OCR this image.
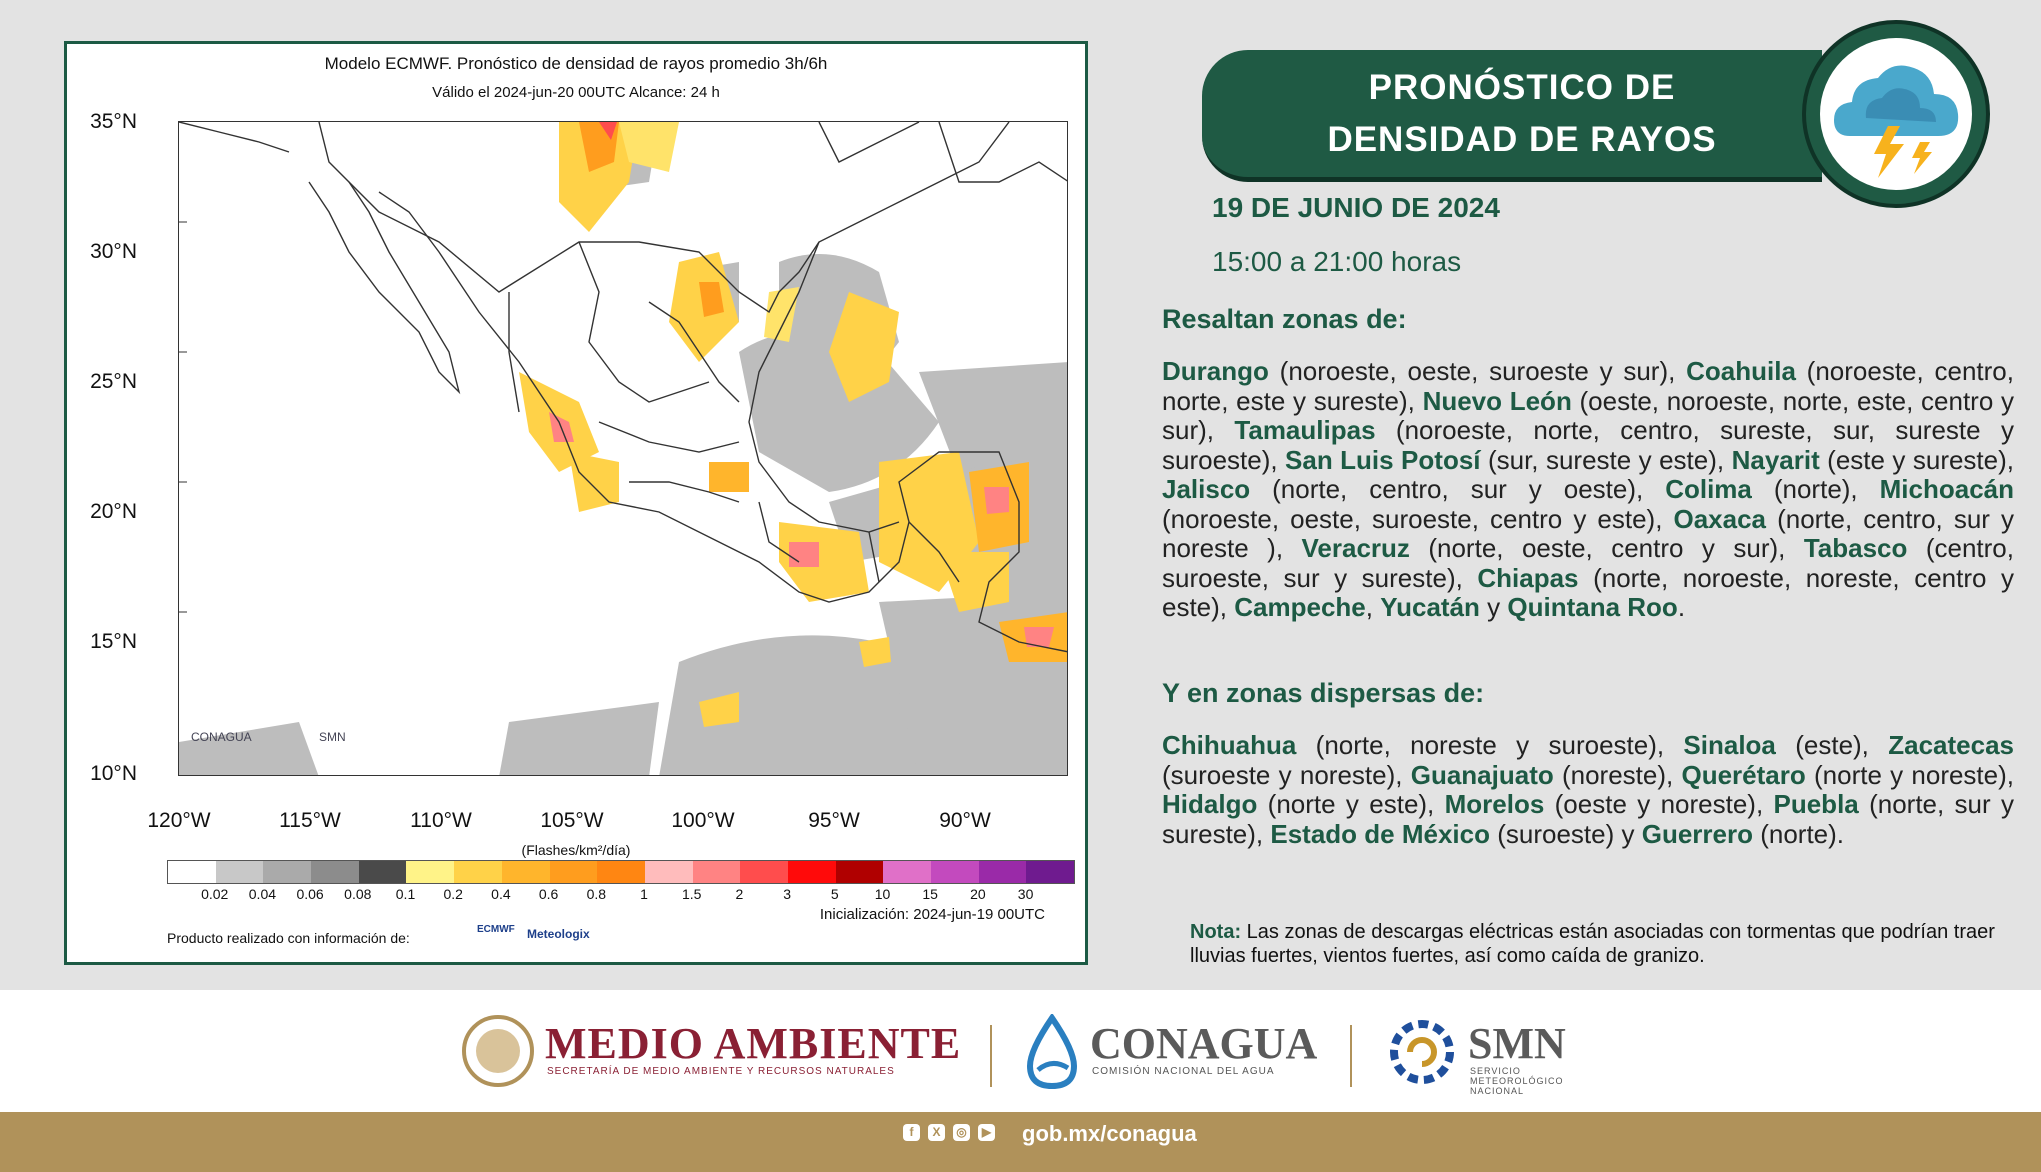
Modelo ECMWF. Pronóstico de densidad de rayos promedio 3h/6h
Válido el 2024-jun-20 00UTC Alcance: 24 h
CONAGUA	SMN
35°N
30°N
25°N
20°N
15°N
10°N
120°W	115°W	110°W	105°W	100°W	95°W	90°W
(Flashes/km²/día)
0.02	0.04	0.06	0.08	0.1	0.2	0.4	0.6	0.8	1	1.5	2	3	5	10	15	20	30
Inicialización: 2024-jun-19 00UTC
Producto realizado con información de:
ECMWF Meteologix
PRONÓSTICO DE
DENSIDAD DE RAYOS
19 DE JUNIO DE 2024
15:00 a 21:00 horas
Resaltan zonas de:

Durango (noroeste, oeste, suroeste y sur), Coahuila (noroeste, centro, norte, este y sureste), Nuevo León (oeste, noroeste, norte, este, centro y sur), Tamaulipas (noroeste, norte, centro, sureste, sur, sureste y suroeste), San Luis Potosí (sur, sureste y este), Nayarit (este y sureste), Jalisco (norte, centro, sur y oeste), Colima (norte), Michoacán (noroeste, oeste, suroeste, centro y este), Oaxaca (norte, centro, sur y noreste ), Veracruz (norte, oeste, centro y sur), Tabasco (centro, suroeste, sur y sureste), Chiapas (norte, noroeste, noreste, centro y este), Campeche, Yucatán y Quintana Roo.

Y en zonas dispersas de:

Chihuahua (norte, noreste y suroeste), Sinaloa (este), Zacatecas (suroeste y noreste), Guanajuato (noreste), Querétaro (norte y noreste), Hidalgo (norte y este), Morelos (oeste y noreste), Puebla (norte, sur y sureste), Estado de México (suroeste) y Guerrero (norte).

Nota: Las zonas de descargas eléctricas están asociadas con tormentas que podrían traer lluvias fuertes, vientos fuertes, así como caída de granizo.

MEDIO AMBIENTE
SECRETARÍA DE MEDIO AMBIENTE Y RECURSOS NATURALES
CONAGUA
COMISIÓN NACIONAL DEL AGUA
SMN
SERVICIO METEOROLÓGICO NACIONAL
f	X	◎	▶ gob.mx/conagua
